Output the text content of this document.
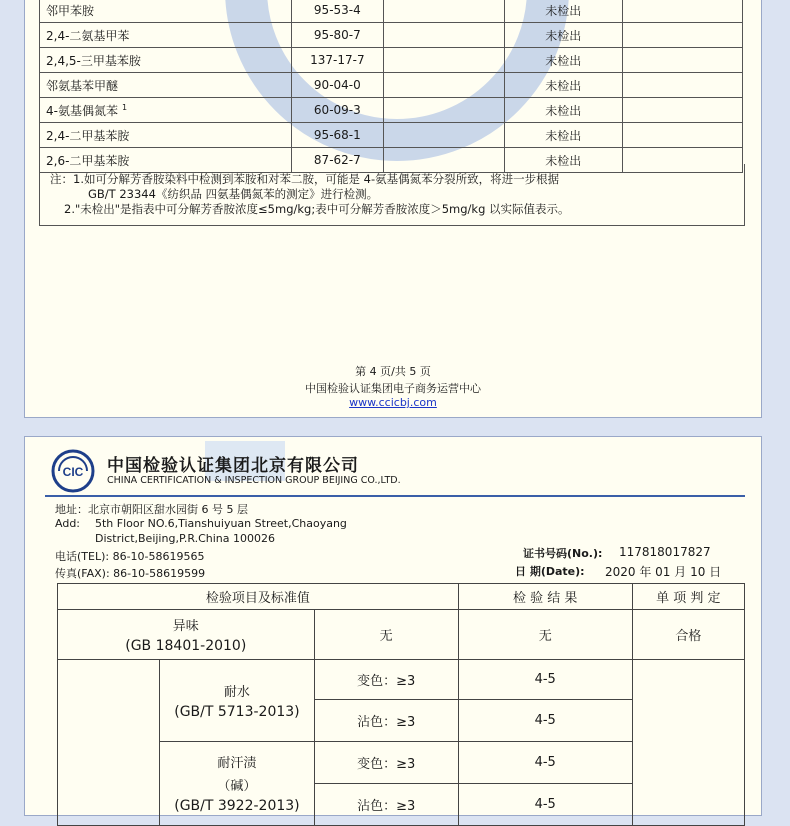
邻甲苯胺	95-53-4		未检出	
2,4-二氨基甲苯	95-80-7		未检出	
2,4,5-三甲基苯胺	137-17-7		未检出	
邻氨基苯甲醚	90-04-0		未检出	
4-氨基偶氮苯 $^1$	60-09-3		未检出	
2,4-二甲基苯胺	95-68-1		未检出	
2,6-二甲基苯胺	87-62-7		未检出	
注：1.如可分解芳香胺染料中检测到苯胺和对苯二胺，可能是 4-氨基偶氮苯分裂所致，将进一步根据
GB/T 23344《纺织品 四氨基偶氮苯的测定》进行检测。
2."未检出"是指表中可分解芳香胺浓度≤5mg/kg;表中可分解芳香胺浓度＞5mg/kg 以实际值表示。
第 4 页/共 5 页
中国检验认证集团电子商务运营中心
www.ccicbj.com
CIC 中国检验认证集团北京有限公司
CHINA CERTIFICATION & INSPECTION GROUP BEIJING CO.,LTD.
地址：北京市朝阳区甜水园街 6 号 5 层
Add: 5th Floor NO.6,Tianshuiyuan Street,Chaoyang
District,Beijing,P.R.China 100026
电话(TEL): 86-10-58619565
传真(FAX): 86-10-58619599
证书号码(No.): 117818017827
日 期(Date): 2020 年 01 月 10 日
检验项目及标准值			检 验 结 果	单 项 判 定

异味
(GB 18401-2010)		无	无	合格

	耐水
(GB/T 5713-2013)	变色：≥3	4-5	
		沾色：≥3	4-5	

	耐汗渍
（碱）
(GB/T 3922-2013)	变色：≥3	4-5	
		沾色：≥3	4-5	
